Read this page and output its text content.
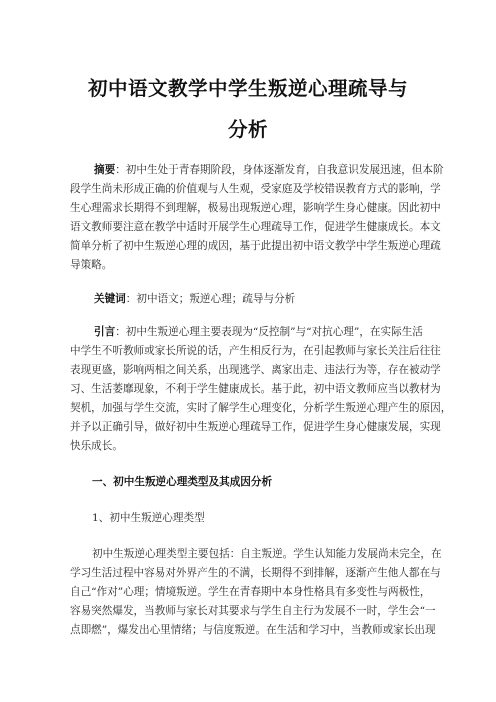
初中语文教学中学生叛逆心理疏导与
分析
摘要：初中生处于青春期阶段，身体逐渐发育，自我意识发展迅速，但本阶
段学生尚未形成正确的价值观与人生观，受家庭及学校错误教育方式的影响，学
生心理需求长期得不到理解，极易出现叛逆心理，影响学生身心健康。因此初中
语文教师要注意在教学中适时开展学生心理疏导工作，促进学生健康成长。本文
简单分析了初中生叛逆心理的成因，基于此提出初中语文教学中学生叛逆心理疏
导策略。
关键词：初中语文；叛逆心理；疏导与分析
引言：初中生叛逆心理主要表现为“反控制”与“对抗心理”，在实际生活
中学生不听教师或家长所说的话，产生相反行为，在引起教师与家长关注后往往
表现更盛，影响两相之间关系，出现逃学、离家出走、违法行为等，存在被动学
习、生活萎靡现象，不利于学生健康成长。基于此，初中语文教师应当以教材为
契机，加强与学生交流，实时了解学生心理变化，分析学生叛逆心理产生的原因，
并予以正确引导，做好初中生叛逆心理疏导工作，促进学生身心健康发展，实现
快乐成长。
一、初中生叛逆心理类型及其成因分析
1、初中生叛逆心理类型
初中生叛逆心理类型主要包括：自主叛逆。学生认知能力发展尚未完全，在
学习生活过程中容易对外界产生的不满，长期得不到排解，逐渐产生他人都在与
自己“作对”心理；情境叛逆。学生在青春期中本身性格具有多变性与两极性，
容易突然爆发，当教师与家长对其要求与学生自主行为发展不一时，学生会“一
点即燃”，爆发出心里情绪；与信度叛逆。在生活和学习中，当教师或家长出现
